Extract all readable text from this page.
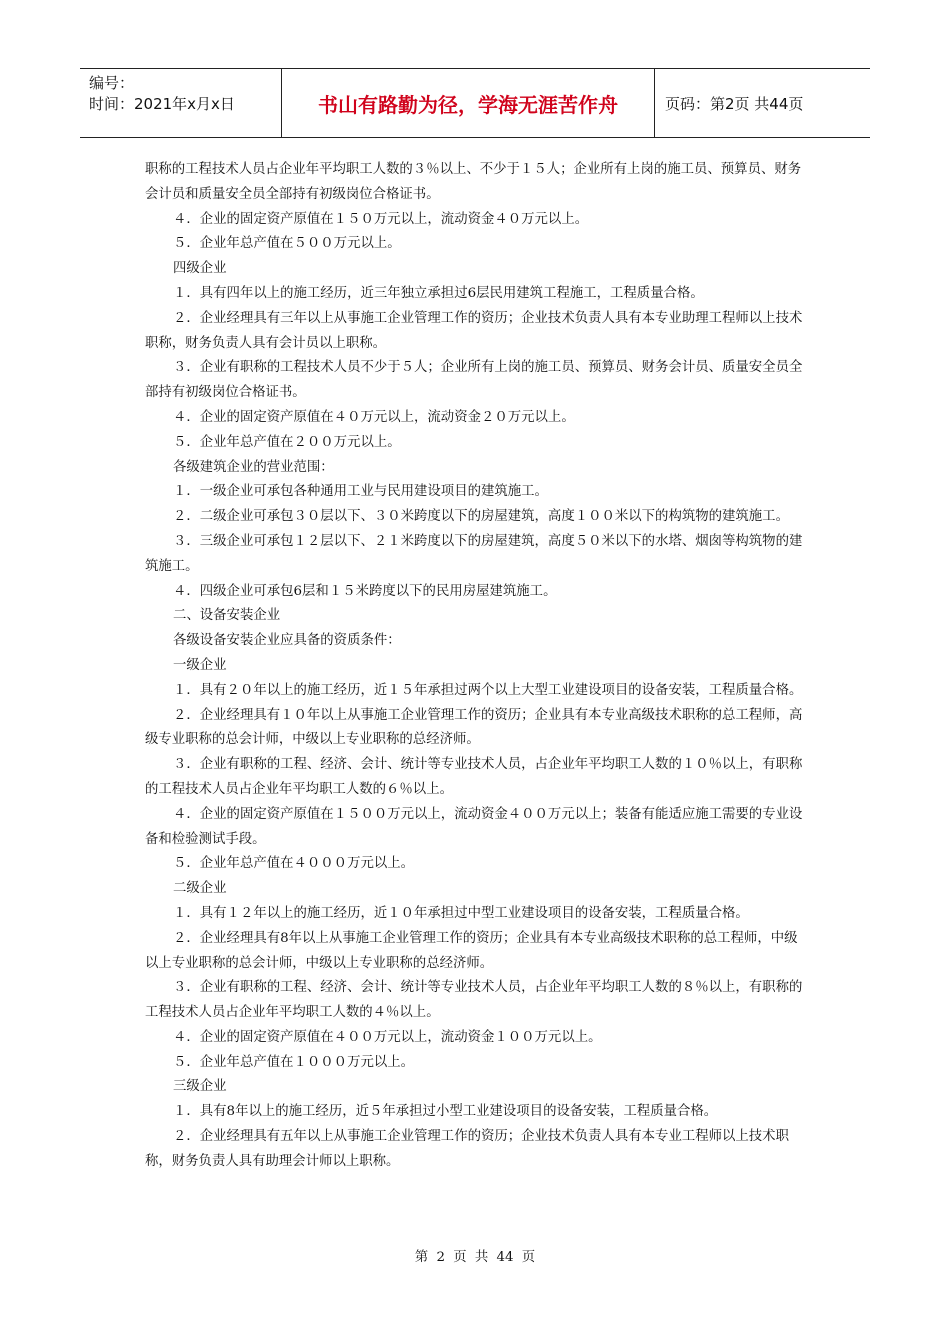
编号：
时间：2021年x月x日	书山有路勤为径，学海无涯苦作舟	页码：第2页 共44页

职称的工程技术人员占企业年平均职工人数的３％以上、不少于１５人；企业所有上岗的施工员、预算员、财务会计员和质量安全员全部持有初级岗位合格证书。

４．企业的固定资产原值在１５０万元以上，流动资金４０万元以上。

５．企业年总产值在５００万元以上。

四级企业

１．具有四年以上的施工经历，近三年独立承担过6层民用建筑工程施工，工程质量合格。

２．企业经理具有三年以上从事施工企业管理工作的资历；企业技术负责人具有本专业助理工程师以上技术职称，财务负责人具有会计员以上职称。

３．企业有职称的工程技术人员不少于５人；企业所有上岗的施工员、预算员、财务会计员、质量安全员全部持有初级岗位合格证书。

４．企业的固定资产原值在４０万元以上，流动资金２０万元以上。

５．企业年总产值在２００万元以上。

各级建筑企业的营业范围：

１．一级企业可承包各种通用工业与民用建设项目的建筑施工。

２．二级企业可承包３０层以下、３０米跨度以下的房屋建筑，高度１００米以下的构筑物的建筑施工。

３．三级企业可承包１２层以下、２１米跨度以下的房屋建筑，高度５０米以下的水塔、烟囱等构筑物的建筑施工。

４．四级企业可承包6层和１５米跨度以下的民用房屋建筑施工。

二、设备安装企业

各级设备安装企业应具备的资质条件：

一级企业

１．具有２０年以上的施工经历，近１５年承担过两个以上大型工业建设项目的设备安装，工程质量合格。

２．企业经理具有１０年以上从事施工企业管理工作的资历；企业具有本专业高级技术职称的总工程师，高级专业职称的总会计师，中级以上专业职称的总经济师。

３．企业有职称的工程、经济、会计、统计等专业技术人员，占企业年平均职工人数的１０％以上，有职称的工程技术人员占企业年平均职工人数的６％以上。

４．企业的固定资产原值在１５００万元以上，流动资金４００万元以上；装备有能适应施工需要的专业设备和检验测试手段。

５．企业年总产值在４０００万元以上。

二级企业

１．具有１２年以上的施工经历，近１０年承担过中型工业建设项目的设备安装，工程质量合格。

２．企业经理具有8年以上从事施工企业管理工作的资历；企业具有本专业高级技术职称的总工程师，中级以上专业职称的总会计师，中级以上专业职称的总经济师。

３．企业有职称的工程、经济、会计、统计等专业技术人员，占企业年平均职工人数的８％以上，有职称的工程技术人员占企业年平均职工人数的４％以上。

４．企业的固定资产原值在４００万元以上，流动资金１００万元以上。

５．企业年总产值在１０００万元以上。

三级企业

１．具有8年以上的施工经历，近５年承担过小型工业建设项目的设备安装，工程质量合格。

２．企业经理具有五年以上从事施工企业管理工作的资历；企业技术负责人具有本专业工程师以上技术职称，财务负责人具有助理会计师以上职称。

第 2 页 共 44 页
